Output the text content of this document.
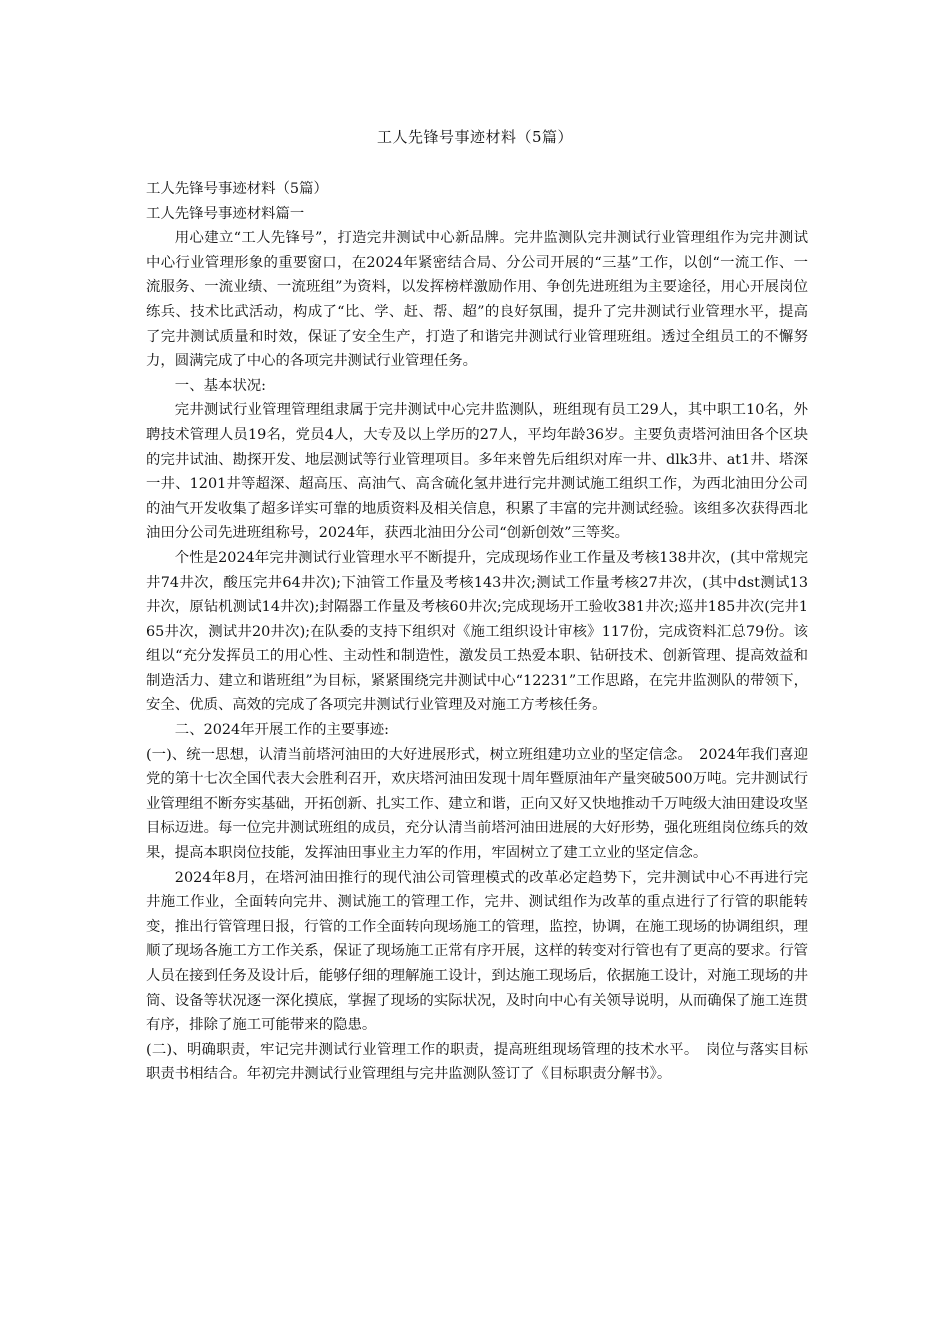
工人先锋号事迹材料（5篇）

工人先锋号事迹材料（5篇）

工人先锋号事迹材料篇一

用心建立“工人先锋号”，打造完井测试中心新品牌。完井监测队完井测试行业管理组作为完井测试中心行业管理形象的重要窗口，在2024年紧密结合局、分公司开展的“三基”工作，以创“一流工作、一流服务、一流业绩、一流班组”为资料，以发挥榜样激励作用、争创先进班组为主要途径，用心开展岗位练兵、技术比武活动，构成了“比、学、赶、帮、超”的良好氛围，提升了完井测试行业管理水平，提高了完井测试质量和时效，保证了安全生产，打造了和谐完井测试行业管理班组。透过全组员工的不懈努力，圆满完成了中心的各项完井测试行业管理任务。

一、基本状况:

完井测试行业管理管理组隶属于完井测试中心完井监测队，班组现有员工29人，其中职工10名，外聘技术管理人员19名，党员4人，大专及以上学历的27人，平均年龄36岁。主要负责塔河油田各个区块的完井试油、勘探开发、地层测试等行业管理项目。多年来曾先后组织对库一井、dlk3井、at1井、塔深一井、1201井等超深、超高压、高油气、高含硫化氢井进行完井测试施工组织工作，为西北油田分公司的油气开发收集了超多详实可靠的地质资料及相关信息，积累了丰富的完井测试经验。该组多次获得西北油田分公司先进班组称号，2024年，获西北油田分公司“创新创效”三等奖。

个性是2024年完井测试行业管理水平不断提升，完成现场作业工作量及考核138井次，(其中常规完井74井次，酸压完井64井次);下油管工作量及考核143井次;测试工作量考核27井次，(其中dst测试13井次，原钻机测试14井次);封隔器工作量及考核60井次;完成现场开工验收381井次;巡井185井次(完井165井次，测试井20井次);在队委的支持下组织对《施工组织设计审核》117份，完成资料汇总79份。该组以“充分发挥员工的用心性、主动性和制造性，激发员工热爱本职、钻研技术、创新管理、提高效益和制造活力、建立和谐班组”为目标，紧紧围绕完井测试中心“12231”工作思路，在完井监测队的带领下，安全、优质、高效的完成了各项完井测试行业管理及对施工方考核任务。

二、2024年开展工作的主要事迹:

(一)、统一思想，认清当前塔河油田的大好进展形式，树立班组建功立业的坚定信念。　2024年我们喜迎党的第十七次全国代表大会胜利召开，欢庆塔河油田发现十周年暨原油年产量突破500万吨。完井测试行业管理组不断夯实基础，开拓创新、扎实工作、建立和谐，正向又好又快地推动千万吨级大油田建设攻坚目标迈进。每一位完井测试班组的成员，充分认清当前塔河油田进展的大好形势，强化班组岗位练兵的效果，提高本职岗位技能，发挥油田事业主力军的作用，牢固树立了建工立业的坚定信念。

2024年8月，在塔河油田推行的现代油公司管理模式的改革必定趋势下，完井测试中心不再进行完井施工作业，全面转向完井、测试施工的管理工作，完井、测试组作为改革的重点进行了行管的职能转变，推出行管管理日报，行管的工作全面转向现场施工的管理，监控，协调，在施工现场的协调组织，理顺了现场各施工方工作关系，保证了现场施工正常有序开展，这样的转变对行管也有了更高的要求。行管人员在接到任务及设计后，能够仔细的理解施工设计，到达施工现场后，依据施工设计，对施工现场的井筒、设备等状况逐一深化摸底，掌握了现场的实际状况，及时向中心有关领导说明，从而确保了施工连贯有序，排除了施工可能带来的隐患。

(二)、明确职责，牢记完井测试行业管理工作的职责，提高班组现场管理的技术水平。　岗位与落实目标职责书相结合。年初完井测试行业管理组与完井监测队签订了《目标职责分解书》。
